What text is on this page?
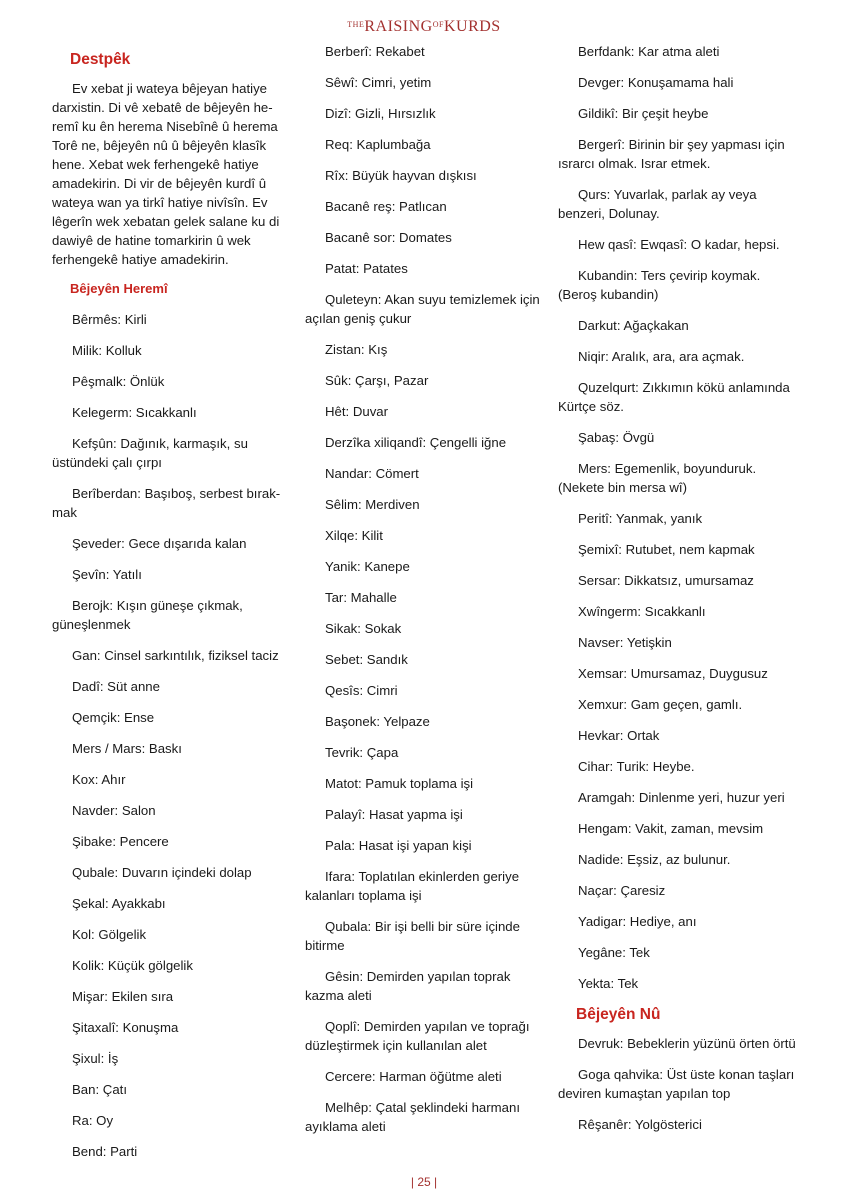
$^{THE}RAISING^{OF}KURDS$
Destpêk
Ev xebat ji wateya bêjeyan hatiye darxistin. Di vê xebatê de bêjeyên heremî ku ên herema Nisebînê û herema Torê ne, bêjeyên nû û bêjeyên klasîk hene. Xebat wek ferhengekê hatiye amadekirin. Di vir de bêjeyên kurdî û wateya wan ya tirkî hatiye nivîsîn. Ev lêgerîn wek xebatan gelek salane ku di dawiyê de hatine tomarkirin û wek ferhengekê hatiye amadekirin.
Bêjeyên Heremî
Bêrmês: Kirli
Milik: Kolluk
Pêşmalk: Önlük
Kelegerm: Sıcakkanlı
Kefşûn: Dağınık, karmaşık, su üstündeki çalı çırpı
Berîberdan: Başıboş, serbest bırakmak
Şeveder: Gece dışarıda kalan
Şevîn: Yatılı
Berojk: Kışın güneşe çıkmak, güneşlenmek
Gan: Cinsel sarkıntılık, fiziksel taciz
Dadî: Süt anne
Qemçik: Ense
Mers / Mars: Baskı
Kox: Ahır
Navder: Salon
Şibake: Pencere
Qubale: Duvarın içindeki dolap
Şekal: Ayakkabı
Kol: Gölgelik
Kolik: Küçük gölgelik
Mişar: Ekilen sıra
Şitaxalî: Konuşma
Şixul: İş
Ban: Çatı
Ra: Oy
Bend: Parti
Berberî: Rekabet
Sêwî: Cimri, yetim
Dizî: Gizli, Hırsızlık
Req: Kaplumbağa
Rîx: Büyük hayvan dışkısı
Bacanê reş: Patlıcan
Bacanê sor: Domates
Patat: Patates
Quleteyn: Akan suyu temizlemek için açılan geniş çukur
Zistan: Kış
Sûk: Çarşı, Pazar
Hêt: Duvar
Derzîka xiliqandî: Çengelli iğne
Nandar: Cömert
Sêlim: Merdiven
Xilqe: Kilit
Yanik: Kanepe
Tar: Mahalle
Sikak: Sokak
Sebet: Sandık
Qesîs: Cimri
Başonek: Yelpaze
Tevrik: Çapa
Matot: Pamuk toplama işi
Palayî: Hasat yapma işi
Pala: Hasat işi yapan kişi
Ifara: Toplatılan ekinlerden geriye kalanları toplama işi
Qubala: Bir işi belli bir süre içinde bitirme
Gêsin: Demirden yapılan toprak kazma aleti
Qoplî: Demirden yapılan ve toprağı düzleştirmek için kullanılan alet
Cercere: Harman öğütme aleti
Melhêp: Çatal şeklindeki harmanı ayıklama aleti
Berfdank: Kar atma aleti
Devger: Konuşamama hali
Gildikî: Bir çeşit heybe
Bergerî: Birinin bir şey yapması için ısrarcı olmak. Israr etmek.
Qurs: Yuvarlak, parlak ay veya benzeri, Dolunay.
Hew qasî: Ewqasî: O kadar, hepsi.
Kubandin: Ters çevirip koymak. (Beroş kubandin)
Darkut: Ağaçkakan
Niqir: Aralık, ara, ara açmak.
Quzelqurt: Zıkkımın kökü anlamında Kürtçe söz.
Şabaş: Övgü
Mers: Egemenlik, boyunduruk. (Nekete bin mersa wî)
Peritî: Yanmak, yanık
Şemixî: Rutubet, nem kapmak
Sersar: Dikkatsız, umursamaz
Xwîngerm: Sıcakkanlı
Navser: Yetişkin
Xemsar: Umursamaz, Duygusuz
Xemxur: Gam geçen, gamlı.
Hevkar: Ortak
Cihar: Turik: Heybe.
Aramgah: Dinlenme yeri, huzur yeri
Hengam: Vakit, zaman, mevsim
Nadide: Eşsiz, az bulunur.
Naçar: Çaresiz
Yadigar: Hediye, anı
Yegâne: Tek
Yekta: Tek
Bêjeyên Nû
Devruk: Bebeklerin yüzünü örten örtü
Goga qahvika: Üst üste konan taşları deviren kumaştan yapılan top
Rêşanêr: Yolgösterici
| 25 |
